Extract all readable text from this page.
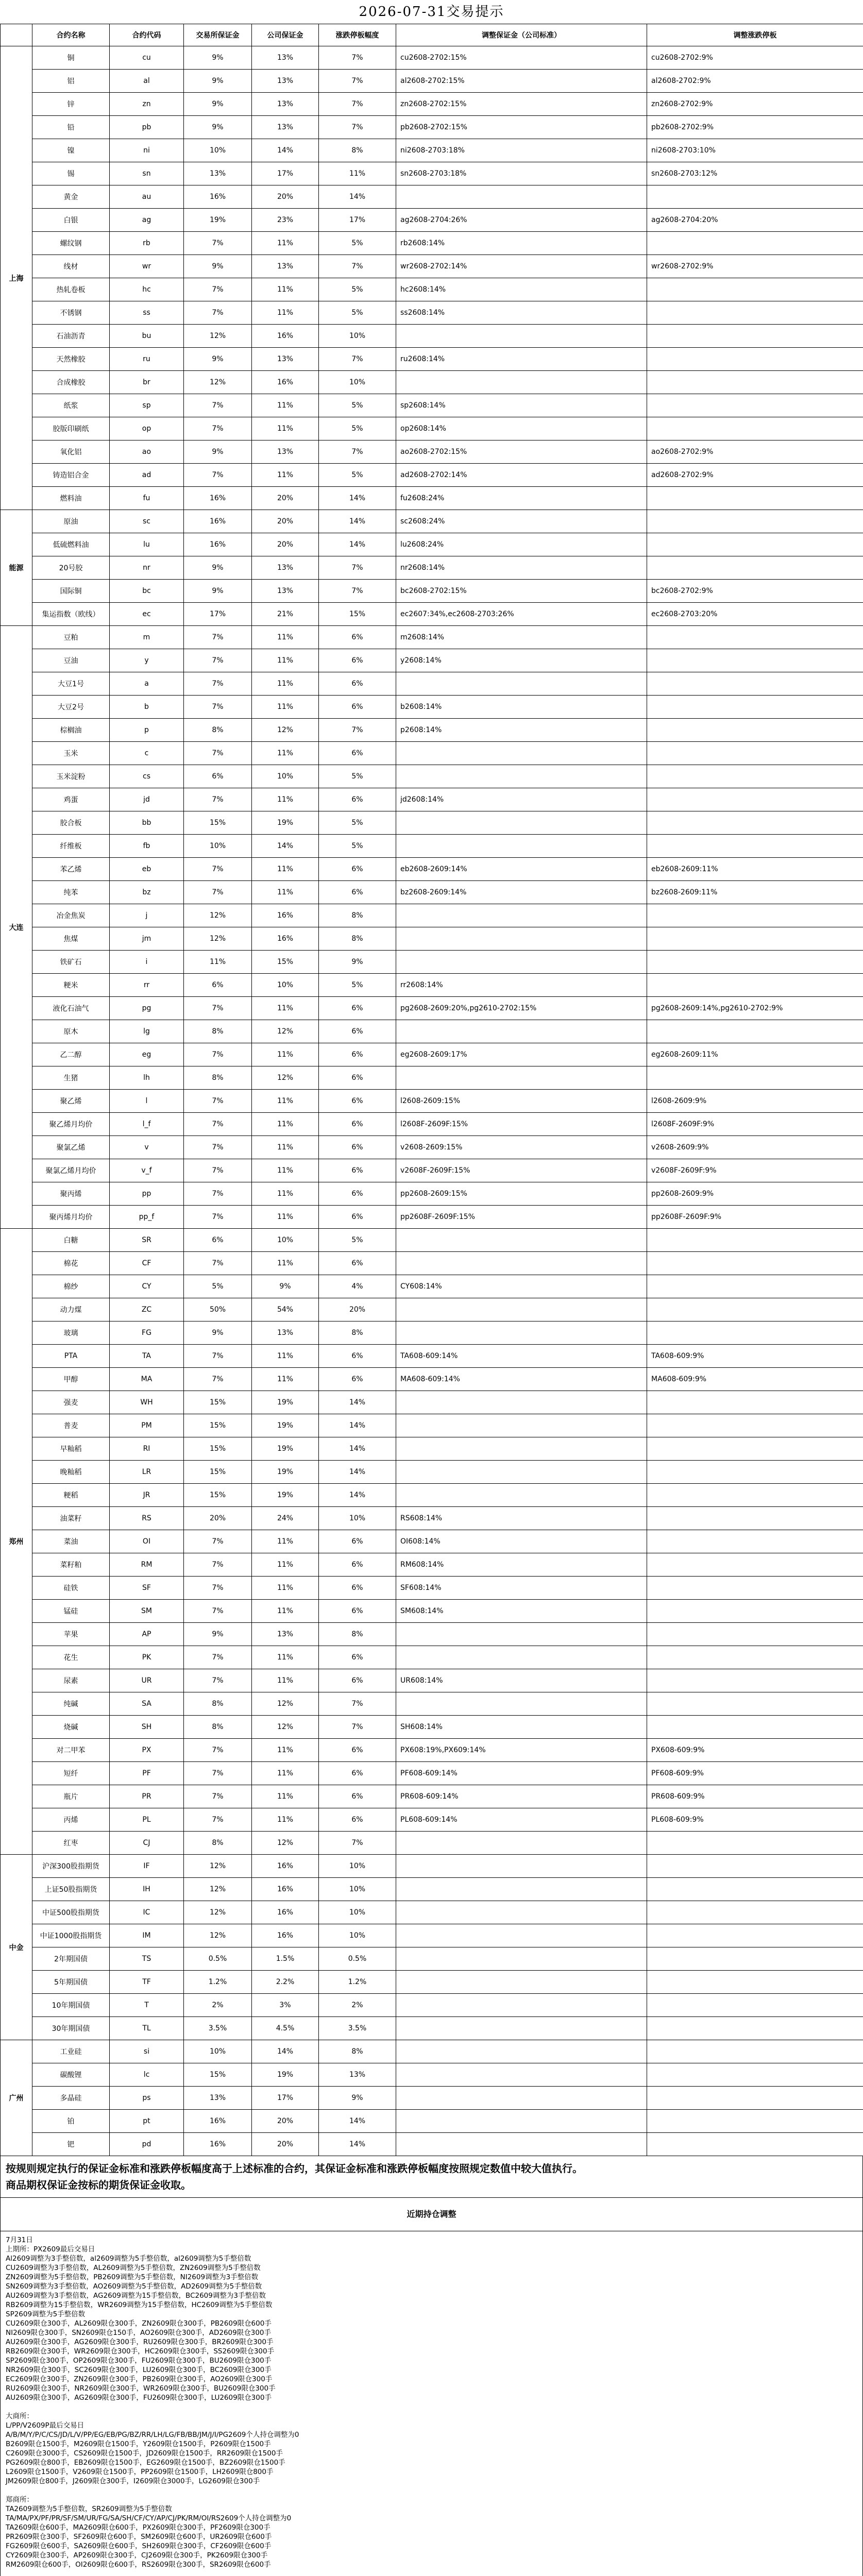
2026-07-31交易提示
	合约名称	合约代码	交易所保证金	公司保证金	涨跌停板幅度	调整保证金（公司标准）	调整涨跌停板
上海	铜	cu	9%	13%	7%	cu2608-2702:15%	cu2608-2702:9%
	铝	al	9%	13%	7%	al2608-2702:15%	al2608-2702:9%
	锌	zn	9%	13%	7%	zn2608-2702:15%	zn2608-2702:9%
	铅	pb	9%	13%	7%	pb2608-2702:15%	pb2608-2702:9%
	镍	ni	10%	14%	8%	ni2608-2703:18%	ni2608-2703:10%
	锡	sn	13%	17%	11%	sn2608-2703:18%	sn2608-2703:12%
	黄金	au	16%	20%	14%		
	白银	ag	19%	23%	17%	ag2608-2704:26%	ag2608-2704:20%
	螺纹钢	rb	7%	11%	5%	rb2608:14%	
	线材	wr	9%	13%	7%	wr2608-2702:14%	wr2608-2702:9%
	热轧卷板	hc	7%	11%	5%	hc2608:14%	
	不锈钢	ss	7%	11%	5%	ss2608:14%	
	石油沥青	bu	12%	16%	10%		
	天然橡胶	ru	9%	13%	7%	ru2608:14%	
	合成橡胶	br	12%	16%	10%		
	纸浆	sp	7%	11%	5%	sp2608:14%	
	胶版印刷纸	op	7%	11%	5%	op2608:14%	
	氧化铝	ao	9%	13%	7%	ao2608-2702:15%	ao2608-2702:9%
	铸造铝合金	ad	7%	11%	5%	ad2608-2702:14%	ad2608-2702:9%
	燃料油	fu	16%	20%	14%	fu2608:24%	
能源	原油	sc	16%	20%	14%	sc2608:24%	
	低硫燃料油	lu	16%	20%	14%	lu2608:24%	
	20号胶	nr	9%	13%	7%	nr2608:14%	
	国际铜	bc	9%	13%	7%	bc2608-2702:15%	bc2608-2702:9%
	集运指数（欧线）	ec	17%	21%	15%	ec2607:34%,ec2608-2703:26%	ec2608-2703:20%
大连	豆粕	m	7%	11%	6%	m2608:14%	
	豆油	y	7%	11%	6%	y2608:14%	
	大豆1号	a	7%	11%	6%		
	大豆2号	b	7%	11%	6%	b2608:14%	
	棕榈油	p	8%	12%	7%	p2608:14%	
	玉米	c	7%	11%	6%		
	玉米淀粉	cs	6%	10%	5%		
	鸡蛋	jd	7%	11%	6%	jd2608:14%	
	胶合板	bb	15%	19%	5%		
	纤维板	fb	10%	14%	5%		
	苯乙烯	eb	7%	11%	6%	eb2608-2609:14%	eb2608-2609:11%
	纯苯	bz	7%	11%	6%	bz2608-2609:14%	bz2608-2609:11%
	冶金焦炭	j	12%	16%	8%		
	焦煤	jm	12%	16%	8%		
	铁矿石	i	11%	15%	9%		
	粳米	rr	6%	10%	5%	rr2608:14%	
	液化石油气	pg	7%	11%	6%	pg2608-2609:20%,pg2610-2702:15%	pg2608-2609:14%,pg2610-2702:9%
	原木	lg	8%	12%	6%		
	乙二醇	eg	7%	11%	6%	eg2608-2609:17%	eg2608-2609:11%
	生猪	lh	8%	12%	6%		
	聚乙烯	l	7%	11%	6%	l2608-2609:15%	l2608-2609:9%
	聚乙烯月均价	l_f	7%	11%	6%	l2608F-2609F:15%	l2608F-2609F:9%
	聚氯乙烯	v	7%	11%	6%	v2608-2609:15%	v2608-2609:9%
	聚氯乙烯月均价	v_f	7%	11%	6%	v2608F-2609F:15%	v2608F-2609F:9%
	聚丙烯	pp	7%	11%	6%	pp2608-2609:15%	pp2608-2609:9%
	聚丙烯月均价	pp_f	7%	11%	6%	pp2608F-2609F:15%	pp2608F-2609F:9%
郑州	白糖	SR	6%	10%	5%		
	棉花	CF	7%	11%	6%		
	棉纱	CY	5%	9%	4%	CY608:14%	
	动力煤	ZC	50%	54%	20%		
	玻璃	FG	9%	13%	8%		
	PTA	TA	7%	11%	6%	TA608-609:14%	TA608-609:9%
	甲醇	MA	7%	11%	6%	MA608-609:14%	MA608-609:9%
	强麦	WH	15%	19%	14%		
	普麦	PM	15%	19%	14%		
	早籼稻	RI	15%	19%	14%		
	晚籼稻	LR	15%	19%	14%		
	粳稻	JR	15%	19%	14%		
	油菜籽	RS	20%	24%	10%	RS608:14%	
	菜油	OI	7%	11%	6%	OI608:14%	
	菜籽粕	RM	7%	11%	6%	RM608:14%	
	硅铁	SF	7%	11%	6%	SF608:14%	
	锰硅	SM	7%	11%	6%	SM608:14%	
	苹果	AP	9%	13%	8%		
	花生	PK	7%	11%	6%		
	尿素	UR	7%	11%	6%	UR608:14%	
	纯碱	SA	8%	12%	7%		
	烧碱	SH	8%	12%	7%	SH608:14%	
	对二甲苯	PX	7%	11%	6%	PX608:19%,PX609:14%	PX608-609:9%
	短纤	PF	7%	11%	6%	PF608-609:14%	PF608-609:9%
	瓶片	PR	7%	11%	6%	PR608-609:14%	PR608-609:9%
	丙烯	PL	7%	11%	6%	PL608-609:14%	PL608-609:9%
	红枣	CJ	8%	12%	7%		
中金	沪深300股指期货	IF	12%	16%	10%		
	上证50股指期货	IH	12%	16%	10%		
	中证500股指期货	IC	12%	16%	10%		
	中证1000股指期货	IM	12%	16%	10%		
	2年期国债	TS	0.5%	1.5%	0.5%		
	5年期国债	TF	1.2%	2.2%	1.2%		
	10年期国债	T	2%	3%	2%		
	30年期国债	TL	3.5%	4.5%	3.5%		
广州	工业硅	si	10%	14%	8%		
	碳酸锂	lc	15%	19%	13%		
	多晶硅	ps	13%	17%	9%		
	铂	pt	16%	20%	14%		
	钯	pd	16%	20%	14%		
按规则规定执行的保证金标准和涨跌停板幅度高于上述标准的合约，其保证金标准和涨跌停板幅度按照规定数值中较大值执行。
商品期权保证金按标的期货保证金收取。
近期持仓调整
7月31日
上期所：PX2609最后交易日
Al2609调整为3手整倍数，al2609调整为5手整倍数，al2609调整为5手整倍数
CU2609调整为3手整倍数，AL2609调整为5手整倍数，ZN2609调整为5手整倍数
ZN2609调整为5手整倍数，PB2609调整为5手整倍数，NI2609调整为3手整倍数
SN2609调整为3手整倍数，AO2609调整为5手整倍数，AD2609调整为5手整倍数
AU2609调整为3手整倍数，AG2609调整为15手整倍数，BC2609调整为3手整倍数
RB2609调整为15手整倍数，WR2609调整为15手整倍数，HC2609调整为5手整倍数
SP2609调整为5手整倍数
CU2609限仓300手，AL2609限仓300手，ZN2609限仓300手，PB2609限仓600手
NI2609限仓300手，SN2609限仓150手，AO2609限仓300手，AD2609限仓300手
AU2609限仓300手，AG2609限仓300手，RU2609限仓300手，BR2609限仓300手
RB2609限仓300手，WR2609限仓300手，HC2609限仓300手，SS2609限仓300手
SP2609限仓300手，OP2609限仓300手，FU2609限仓300手，BU2609限仓300手
NR2609限仓300手，SC2609限仓300手，LU2609限仓300手，BC2609限仓300手
EC2609限仓300手，ZN2609限仓300手，PB2609限仓300手，AO2609限仓300手
RU2609限仓300手，NR2609限仓300手，WR2609限仓300手，BU2609限仓300手
AU2609限仓300手，AG2609限仓300手，FU2609限仓300手，LU2609限仓300手

大商所：
L/PP/V2609P最后交易日
A/B/M/Y/P/C/CS/JD/L/V/PP/EG/EB/PG/BZ/RR/LH/LG/FB/BB/JM/J/I/PG2609个人持仓调整为0
B2609限仓1500手，M2609限仓1500手，Y2609限仓1500手，P2609限仓1500手
C2609限仓3000手，CS2609限仓1500手，JD2609限仓1500手，RR2609限仓1500手
PG2609限仓800手，EB2609限仓1500手，EG2609限仓1500手，BZ2609限仓1500手
L2609限仓1500手，V2609限仓1500手，PP2609限仓1500手，LH2609限仓800手
JM2609限仓800手，J2609限仓300手，I2609限仓3000手，LG2609限仓300手

郑商所：
TA2609调整为5手整倍数，SR2609调整为5手整倍数
TA/MA/PX/PF/PR/SF/SM/UR/FG/SA/SH/CF/CY/AP/CJ/PK/RM/OI/RS2609个人持仓调整为0
TA2609限仓600手，MA2609限仓600手，PX2609限仓300手，PF2609限仓300手
PR2609限仓300手，SF2609限仓600手，SM2609限仓600手，UR2609限仓600手
FG2609限仓600手，SA2609限仓600手，SH2609限仓300手，CF2609限仓600手
CY2609限仓300手，AP2609限仓300手，CJ2609限仓300手，PK2609限仓300手
RM2609限仓600手，OI2609限仓600手，RS2609限仓300手，SR2609限仓600手
